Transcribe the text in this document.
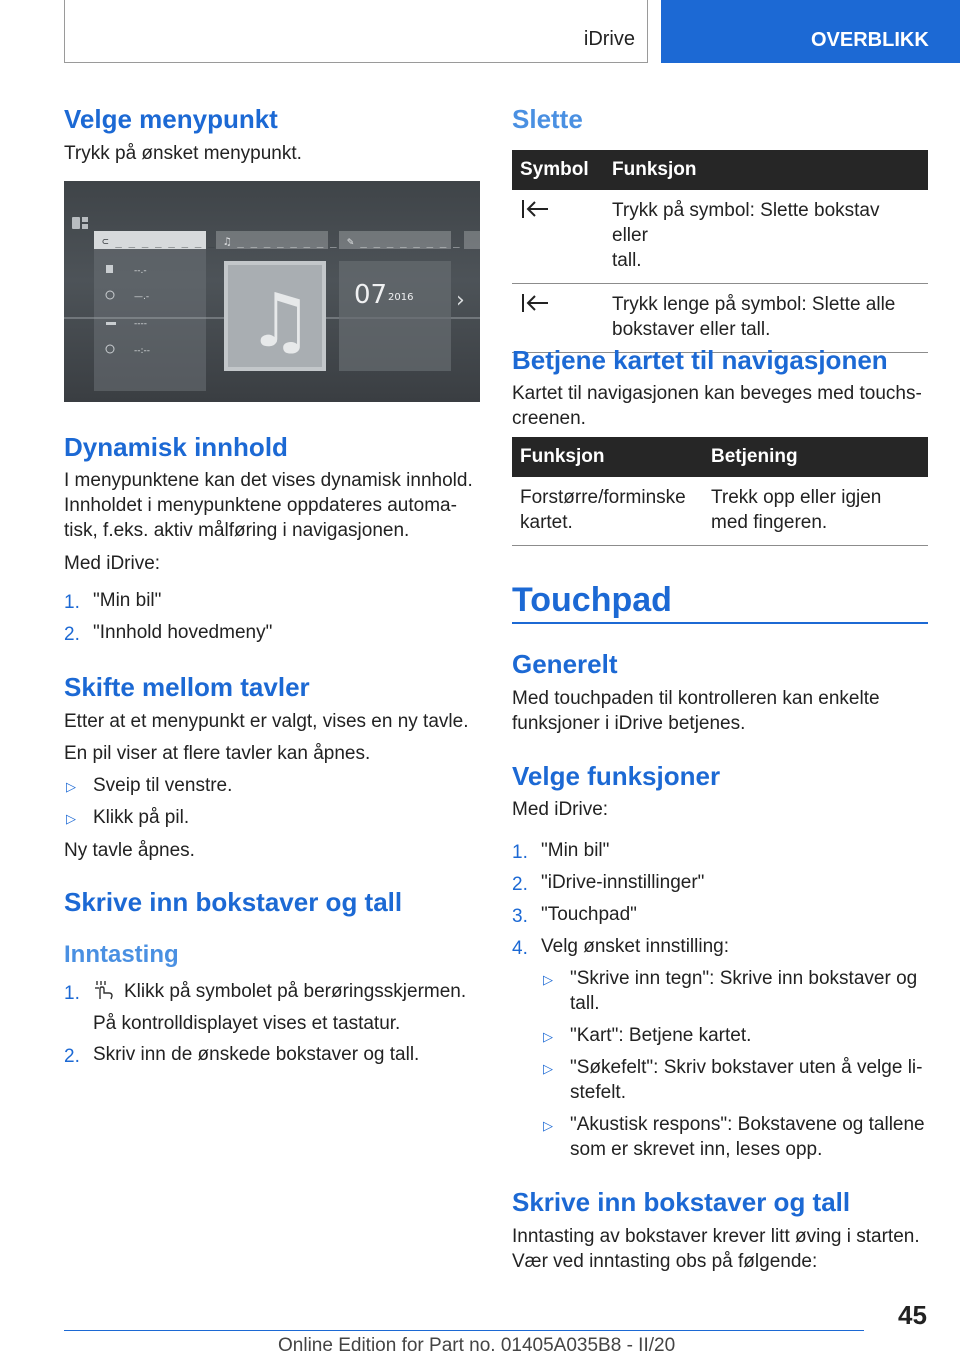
iDrive	OVERBLIKK
Velge menypunkt

Trykk på ønsket menypunkt.

⊂ _ _ _ _ _ _ _ _
--.-
—.-
----
--:--
♫ _ _ _ _ _ _ _ _
♫
✎ _ _ _ _ _ _ _ _
07 2016 ›
Dynamisk innhold

I menypunktene kan det vises dynamisk innhold.

Innholdet i menypunktene oppdateres automa‐

tisk, f.eks. aktiv målføring i navigasjonen.

Med iDrive:

1. "Min bil"
2. "Innhold hovedmeny"
Skifte mellom tavler

Etter at et menypunkt er valgt, vises en ny tavle.

En pil viser at flere tavler kan åpnes.

▷ Sveip til venstre.
▷ Klikk på pil.

Ny tavle åpnes.

Skrive inn bokstaver og tall
Inntasting
1. Klikk på symbolet på berøringsskjermen.
På kontrolldisplayet vises et tastatur.
2. Skriv inn de ønskede bokstaver og tall.
Slette
Symbol	Funksjon
	Trykk på symbol: Slette bokstav eller
tall.
	Trykk lenge på symbol: Slette alle
bokstaver eller tall.
Betjene kartet til navigasjonen

Kartet til navigasjonen kan beveges med touchs‐

creenen.

Funksjon	Betjening
Forstørre/forminske
kartet.	Trekk opp eller igjen
med fingeren.
Touchpad
Generelt

Med touchpaden til kontrolleren kan enkelte

funksjoner i iDrive betjenes.

Velge funksjoner

Med iDrive:

1. "Min bil"
2. "iDrive-innstillinger"
3. "Touchpad"
4. Velg ønsket innstilling:
▷ "Skrive inn tegn": Skrive inn bokstaver og
tall.
▷ "Kart": Betjene kartet.
▷ "Søkefelt": Skriv bokstaver uten å velge li‐
stefelt.
▷ "Akustisk respons": Bokstavene og tallene
som er skrevet inn, leses opp.
Skrive inn bokstaver og tall

Inntasting av bokstaver krever litt øving i starten.

Vær ved inntasting obs på følgende:

45
Online Edition for Part no. 01405A035B8 - II/20
